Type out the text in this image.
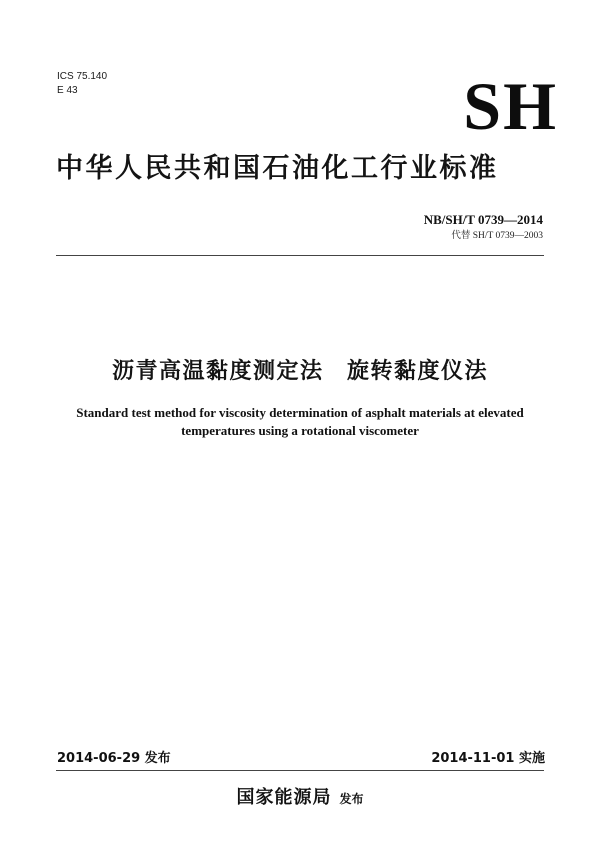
ICS 75.140
E 43	SH
中华人民共和国石油化工行业标准
NB/SH/T 0739—2014
代替 SH/T 0739—2003
沥青高温黏度测定法　旋转黏度仪法
Standard test method for viscosity determination of asphalt materials at elevated
temperatures using a rotational viscometer
2014-06-29 发布	2014-11-01 实施
国家能源局 发布
